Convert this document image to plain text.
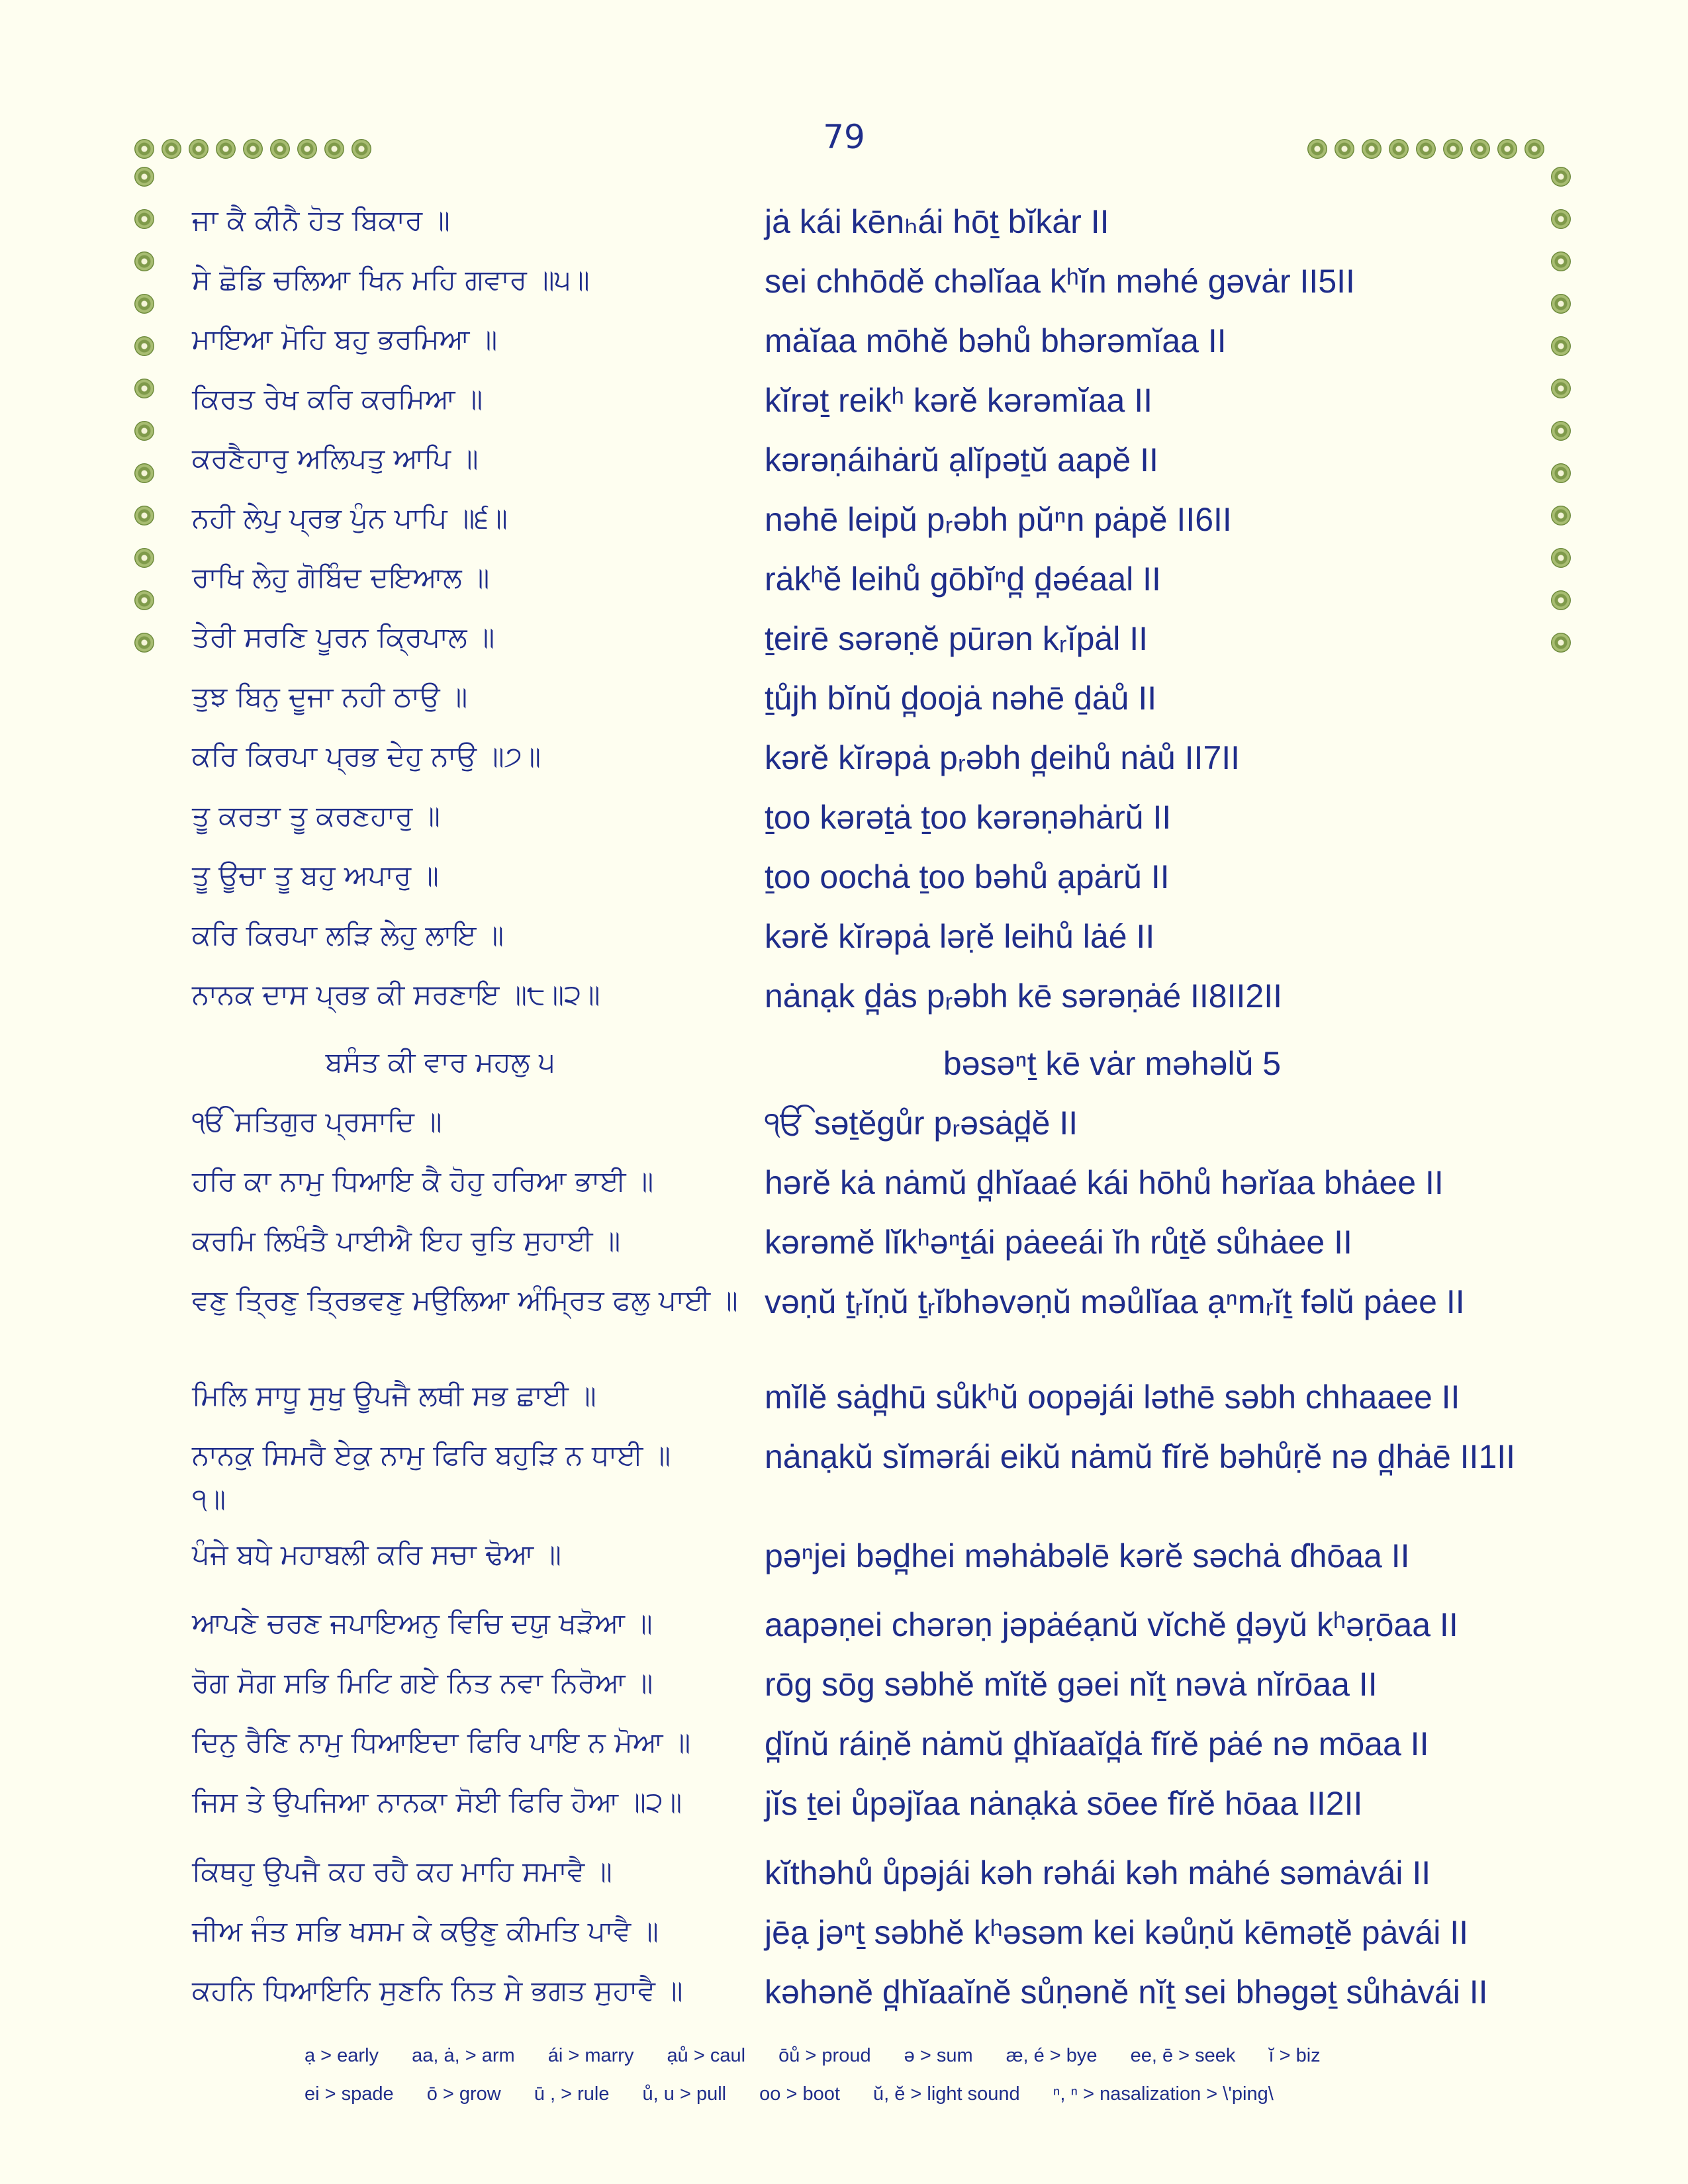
79
ਜਾ ਕੈ ਕੀਨੈ ਹੋਤ ਬਿਕਾਰ ॥	jȧ kái kēnₕái hōṯ bĭkȧr II
ਸੇ ਛੋਡਿ ਚਲਿਆ ਖਿਨ ਮਹਿ ਗਵਾਰ ॥੫॥	sei chhōdĕ chəlĭaa kʰĭn məhé gəvȧr II5II
ਮਾਇਆ ਮੋਹਿ ਬਹੁ ਭਰਮਿਆ ॥	mȧĭaa mōhĕ bəhů bhərəmĭaa II
ਕਿਰਤ ਰੇਖ ਕਰਿ ਕਰਮਿਆ ॥	kĭrəṯ reikʰ kərĕ kərəmĭaa II
ਕਰਣੈਹਾਰੁ ਅਲਿਪਤੁ ਆਪਿ ॥	kərəṇáihȧrŭ ạlĭpəṯŭ aapĕ II
ਨਹੀ ਲੇਪੁ ਪ੍ਰਭ ਪੁੰਨ ਪਾਪਿ ॥੬॥	nəhē leipŭ pᵣəbh pŭⁿn pȧpĕ II6II
ਰਾਖਿ ਲੇਹੁ ਗੋਬਿੰਦ ਦਇਆਲ ॥	rȧkʰĕ leihů gōbĭⁿd̪ d̪əéaal II
ਤੇਰੀ ਸਰਣਿ ਪੂਰਨ ਕ੍ਰਿਪਾਲ ॥	ṯeirē sərəṇĕ pūrən kᵣĭpȧl II
ਤੁਝ ਬਿਨੁ ਦੂਜਾ ਨਹੀ ਠਾਉ ॥	ṯůjh bĭnŭ d̪oojȧ nəhē ḏȧů II
ਕਰਿ ਕਿਰਪਾ ਪ੍ਰਭ ਦੇਹੁ ਨਾਉ ॥੭॥	kərĕ kĭrəpȧ pᵣəbh d̪eihů nȧů II7II
ਤੂ ਕਰਤਾ ਤੂ ਕਰਣਹਾਰੁ ॥	ṯoo kərəṯȧ ṯoo kərəṇəhȧrŭ II
ਤੂ ਊਚਾ ਤੂ ਬਹੁ ਅਪਾਰੁ ॥	ṯoo oochȧ ṯoo bəhů ạpȧrŭ II
ਕਰਿ ਕਿਰਪਾ ਲੜਿ ਲੇਹੁ ਲਾਇ ॥	kərĕ kĭrəpȧ ləṛĕ leihů lȧé II
ਨਾਨਕ ਦਾਸ ਪ੍ਰਭ ਕੀ ਸਰਣਾਇ ॥੮॥੨॥	nȧnạk d̪ȧs pᵣəbh kē sərəṇȧé II8II2II
ਬਸੰਤ ਕੀ ਵਾਰ ਮਹਲੁ ੫	bəsəⁿṯ kē vȧr məhəlŭ 5
ੴ ਸਤਿਗੁਰ ਪ੍ਰਸਾਦਿ ॥	ੴ səṯĕgůr pᵣəsȧd̪ĕ II
ਹਰਿ ਕਾ ਨਾਮੁ ਧਿਆਇ ਕੈ ਹੋਹੁ ਹਰਿਆ ਭਾਈ ॥	hərĕ kȧ nȧmŭ d̪hĭaaé kái hōhů hərĭaa bhȧee II
ਕਰਮਿ ਲਿਖੰਤੈ ਪਾਈਐ ਇਹ ਰੁਤਿ ਸੁਹਾਈ ॥	kərəmĕ lĭkʰəⁿṯái pȧeeái ĭh růṯĕ sůhȧee II
ਵਣੁ ਤ੍ਰਿਣੁ ਤ੍ਰਿਭਵਣੁ ਮਉਲਿਆ ਅੰਮ੍ਰਿਤ ਫਲੁ ਪਾਈ ॥ vəṇŭ ṯᵣĭṇŭ ṯᵣĭbhəvəṇŭ məůlĭaa ạⁿmᵣĭṯ fəlŭ pȧee II
ਮਿਲਿ ਸਾਧੂ ਸੁਖੁ ਊਪਜੈ ਲਥੀ ਸਭ ਛਾਈ ॥	mĭlĕ sȧd̪hū sůkʰŭ oopəjái ləthē səbh chhaaee II
ਨਾਨਕੁ ਸਿਮਰੈ ਏਕੁ ਨਾਮੁ ਫਿਰਿ ਬਹੁੜਿ ਨ ਧਾਈ ॥੧॥
nȧnạkŭ sĭmərái eikŭ nȧmŭ fĭrĕ bəhůṛĕ nə d̪hȧē II1II
ਪੰਜੇ ਬਧੇ ਮਹਾਬਲੀ ਕਰਿ ਸਚਾ ਢੋਆ ॥	pəⁿjei bəd̪hei məhȧbəlē kərĕ səchȧ ɗhōaa II
ਆਪਣੇ ਚਰਣ ਜਪਾਇਅਨੁ ਵਿਚਿ ਦਯੁ ਖੜੋਆ ॥	aapəṇei chərəṇ jəpȧéạnŭ vĭchĕ d̪əyŭ kʰəṛōaa II
ਰੋਗ ਸੋਗ ਸਭਿ ਮਿਟਿ ਗਏ ਨਿਤ ਨਵਾ ਨਿਰੋਆ ॥	rōg sōg səbhĕ mĭtĕ gəei nĭṯ nəvȧ nĭrōaa II
ਦਿਨੁ ਰੈਣਿ ਨਾਮੁ ਧਿਆਇਦਾ ਫਿਰਿ ਪਾਇ ਨ ਮੋਆ ॥	d̪ĭnŭ ráiṇĕ nȧmŭ d̪hĭaaĭd̪ȧ fĭrĕ pȧé nə mōaa II
ਜਿਸ ਤੇ ਉਪਜਿਆ ਨਾਨਕਾ ਸੋਈ ਫਿਰਿ ਹੋਆ ॥੨॥	jĭs ṯei ůpəjĭaa nȧnạkȧ sōee fĭrĕ hōaa II2II
ਕਿਥਹੁ ਉਪਜੈ ਕਹ ਰਹੈ ਕਹ ਮਾਹਿ ਸਮਾਵੈ ॥	kĭthəhů ůpəjái kəh rəhái kəh mȧhé səmȧvái II
ਜੀਅ ਜੰਤ ਸਭਿ ਖਸਮ ਕੇ ਕਉਣੁ ਕੀਮਤਿ ਪਾਵੈ ॥	jēạ jəⁿṯ səbhĕ kʰəsəm kei kəůṇŭ kēməṯĕ pȧvái II
ਕਹਨਿ ਧਿਆਇਨਿ ਸੁਣਨਿ ਨਿਤ ਸੇ ਭਗਤ ਸੁਹਾਵੈ ॥	kəhənĕ d̪hĭaaĭnĕ sůṇənĕ nĭṯ sei bhəgəṯ sůhȧvái II
ạ > early aa, ȧ, > arm ái > marry ạů > caul ōů > proud ə > sum æ, é > bye ee, ē > seek ĭ > biz
ei > spade ō > grow ū , > rule ů, u > pull oo > boot ŭ, ĕ > light sound ⁿ, ⁿ > nasalization > \'ping\
